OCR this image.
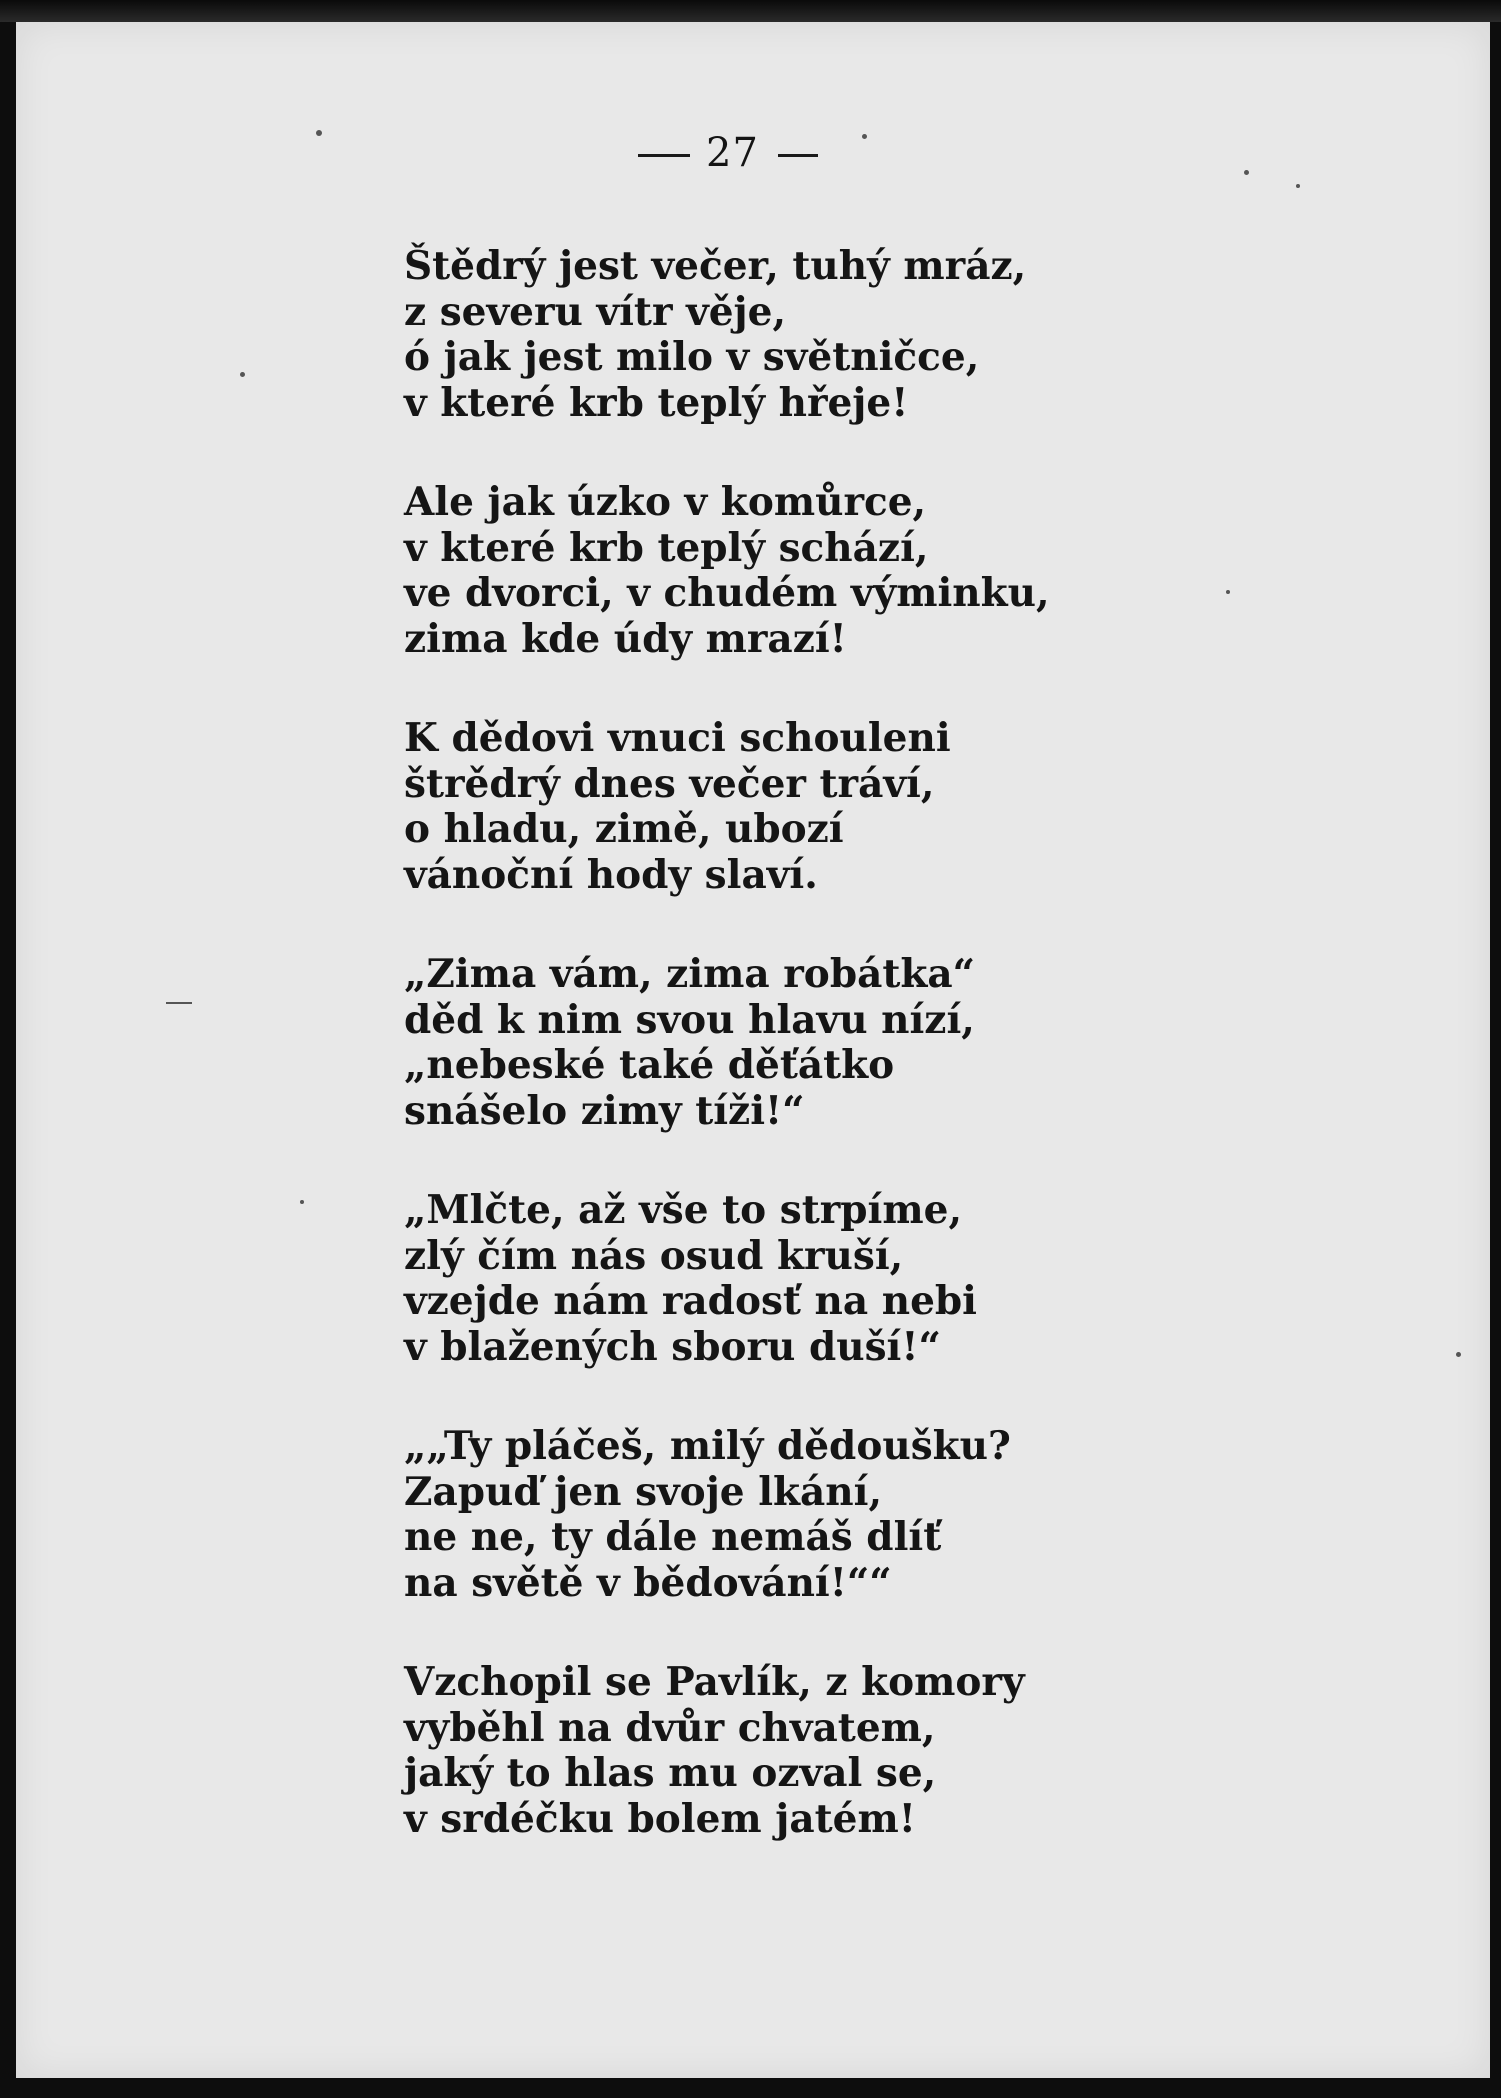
27
Štědrý jest večer, tuhý mráz,
z severu vítr věje,
ó jak jest milo v světničce,
v které krb teplý hřeje!
Ale jak úzko v komůrce,
v které krb teplý schází,
ve dvorci, v chudém výminku,
zima kde údy mrazí!
K dědovi vnuci schouleni
štrědrý dnes večer tráví,
o hladu, zimě, ubozí
vánoční hody slaví.
„Zima vám, zima robátka“
děd k nim svou hlavu nízí,
„nebeské také děťátko
snášelo zimy tíži!“
„Mlčte, až vše to strpíme,
zlý čím nás osud kruší,
vzejde nám radosť na nebi
v blažených sboru duší!“
„„Ty pláčeš, milý dědoušku?
Zapuď jen svoje lkání,
ne ne, ty dále nemáš dlíť
na světě v bědování!““
Vzchopil se Pavlík, z komory
vyběhl na dvůr chvatem,
jaký to hlas mu ozval se,
v srdéčku bolem jatém!
